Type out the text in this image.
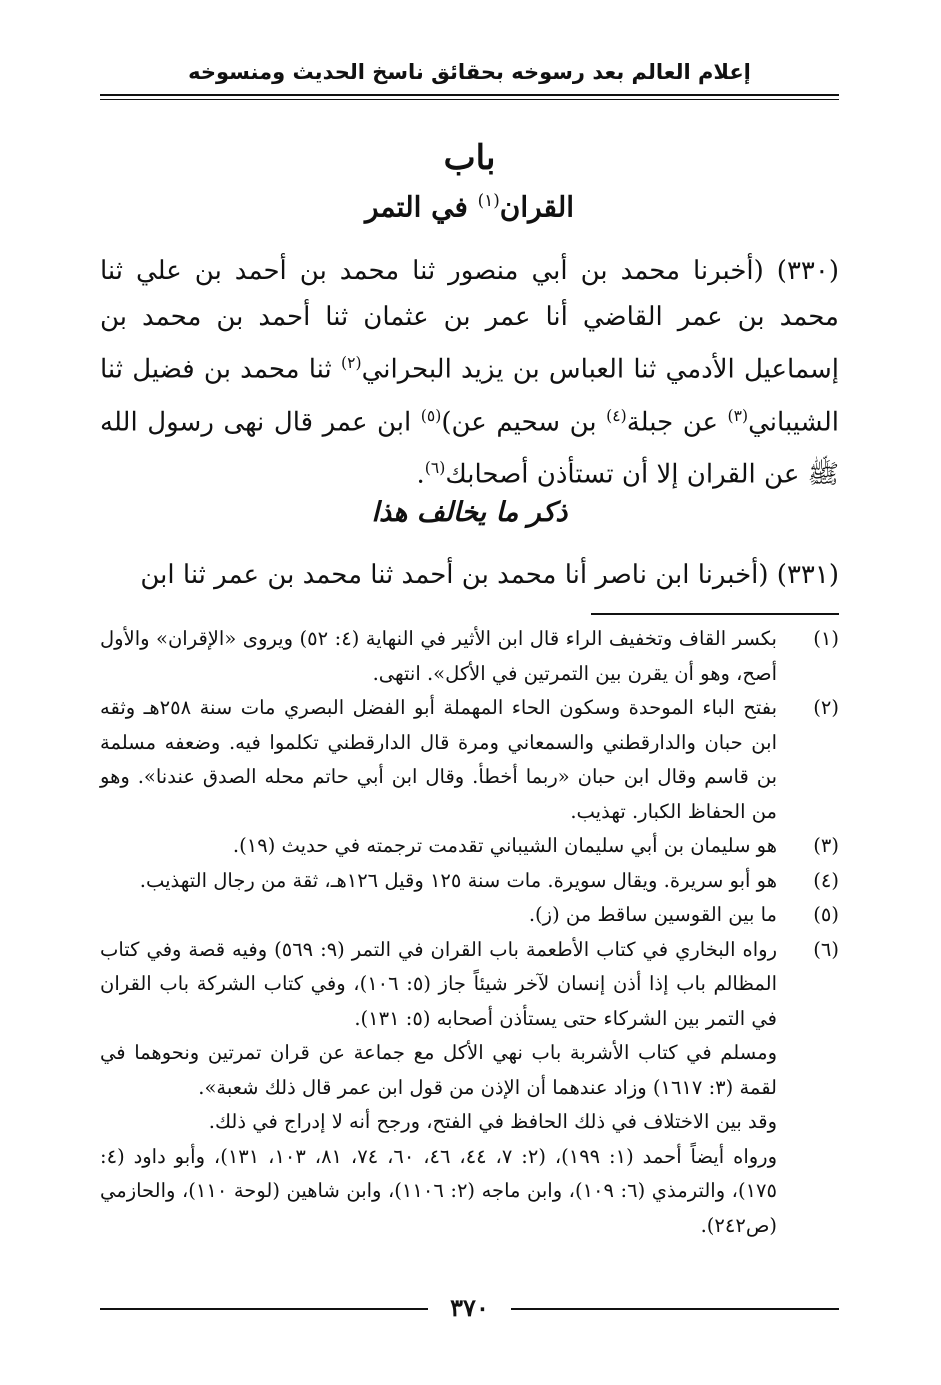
إعلام العالم بعد رسوخه بحقائق ناسخ الحديث ومنسوخه
باب
القران$^{(١)}$ في التمر
(٣٣٠) (أخبرنا محمد بن أبي منصور ثنا محمد بن أحمد بن علي ثنا محمد بن عمر القاضي أنا عمر بن عثمان ثنا أحمد بن محمد بن إسماعيل الأدمي ثنا العباس بن يزيد البحراني$^{(٢)}$ ثنا محمد بن فضيل ثنا الشيباني$^{(٣)}$ عن جبلة$^{(٤)}$ بن سحيم عن)$^{(٥)}$ ابن عمر قال نهى رسول الله ﷺ عن القران إلا أن تستأذن أصحابك$^{(٦)}$.
ذكر ما يخالف هذا
(٣٣١) (أخبرنا ابن ناصر أنا محمد بن أحمد ثنا محمد بن عمر ثنا ابن
(١)
بكسر القاف وتخفيف الراء قال ابن الأثير في النهاية (٤: ٥٢) ويروى «الإقران» والأول أصح، وهو أن يقرن بين التمرتين في الأكل». انتهى.
(٢)
بفتح الباء الموحدة وسكون الحاء المهملة أبو الفضل البصري مات سنة ٢٥٨هـ وثقه ابن حبان والدارقطني والسمعاني ومرة قال الدارقطني تكلموا فيه. وضعفه مسلمة بن قاسم وقال ابن حبان «ربما أخطأ. وقال ابن أبي حاتم محله الصدق عندنا». وهو من الحفاظ الكبار. تهذيب.
(٣)
هو سليمان بن أبي سليمان الشيباني تقدمت ترجمته في حديث (١٩).
(٤)
هو أبو سريرة. ويقال سويرة. مات سنة ١٢٥ وقيل ١٢٦هـ، ثقة من رجال التهذيب.
(٥)
ما بين القوسين ساقط من (ز).
(٦)
رواه البخاري في كتاب الأطعمة باب القران في التمر (٩: ٥٦٩) وفيه قصة وفي كتاب المظالم باب إذا أذن إنسان لآخر شيئاً جاز (٥: ١٠٦)، وفي كتاب الشركة باب القران في التمر بين الشركاء حتى يستأذن أصحابه (٥: ١٣١).
ومسلم في كتاب الأشربة باب نهي الأكل مع جماعة عن قران تمرتين ونحوهما في لقمة (٣: ١٦١٧) وزاد عندهما أن الإذن من قول ابن عمر قال ذلك شعبة».
وقد بين الاختلاف في ذلك الحافظ في الفتح، ورجح أنه لا إدراج في ذلك.
ورواه أيضاً أحمد (١: ١٩٩)، (٢: ٧، ٤٤، ٤٦، ٦٠، ٧٤، ٨١، ١٠٣، ١٣١)، وأبو داود (٤: ١٧٥)، والترمذي (٦: ١٠٩)، وابن ماجه (٢: ١١٠٦)، وابن شاهين (لوحة ١١٠)، والحازمي (ص٢٤٢).
٣٧٠
